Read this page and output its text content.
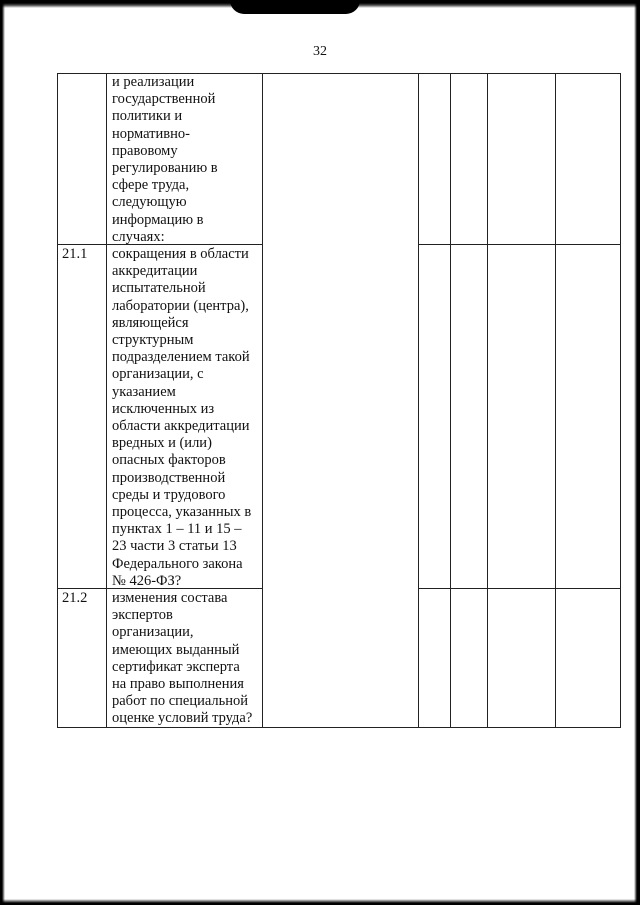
32
и реализации
государственной
политики и
нормативно-
правовому
регулированию в
сфере труда,
следующую
информацию в
случаях:
21.1 сокращения в области
аккредитации
испытательной
лаборатории (центра),
являющейся
структурным
подразделением такой
организации, с
указанием
исключенных из
области аккредитации
вредных и (или)
опасных факторов
производственной
среды и трудового
процесса, указанных в
пунктах 1 – 11 и 15 –
23 части 3 статьи 13
Федерального закона
№ 426-ФЗ?
21.2 изменения состава
экспертов
организации,
имеющих выданный
сертификат эксперта
на право выполнения
работ по специальной
оценке условий труда?
